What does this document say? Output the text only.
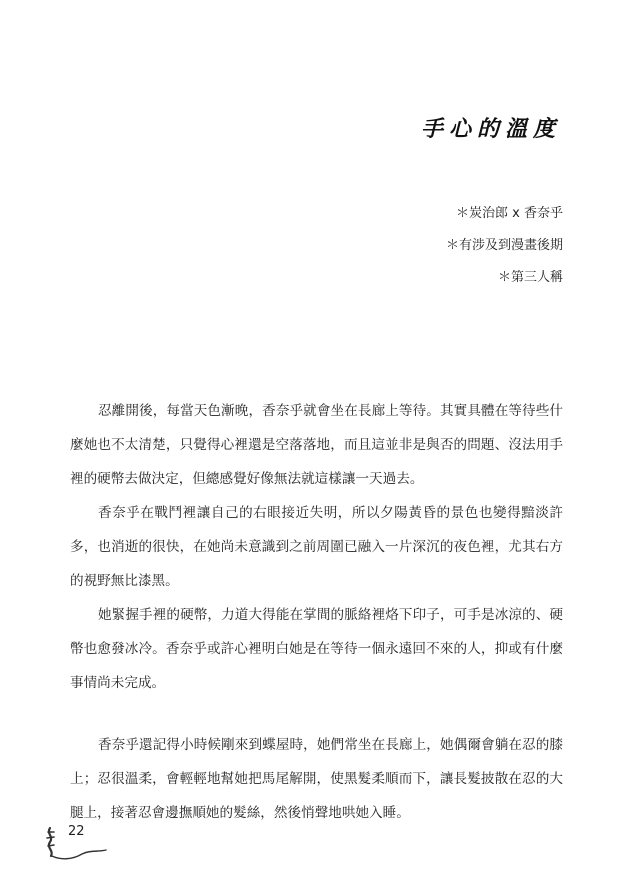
手心的溫度
＊炭治郎 x 香奈乎
＊有涉及到漫畫後期
＊第三人稱

忍離開後，每當天色漸晚，香奈乎就會坐在長廊上等待。其實具體在等待些什麼她也不太清楚，只覺得心裡還是空落落地，而且這並非是與否的問題、沒法用手裡的硬幣去做決定，但總感覺好像無法就這樣讓一天過去。

香奈乎在戰鬥裡讓自己的右眼接近失明，所以夕陽黃昏的景色也變得黯淡許多，也消逝的很快，在她尚未意識到之前周圍已融入一片深沉的夜色裡，尤其右方的視野無比漆黑。

她緊握手裡的硬幣，力道大得能在掌間的脈絡裡烙下印子，可手是冰涼的、硬幣也愈發冰冷。香奈乎或許心裡明白她是在等待一個永遠回不來的人，抑或有什麼事情尚未完成。

香奈乎還記得小時候剛來到蝶屋時，她們常坐在長廊上，她偶爾會躺在忍的膝上；忍很溫柔，會輕輕地幫她把馬尾解開，使黑髮柔順而下，讓長髮披散在忍的大腿上，接著忍會邊撫順她的髮絲，然後悄聲地哄她入睡。

22
